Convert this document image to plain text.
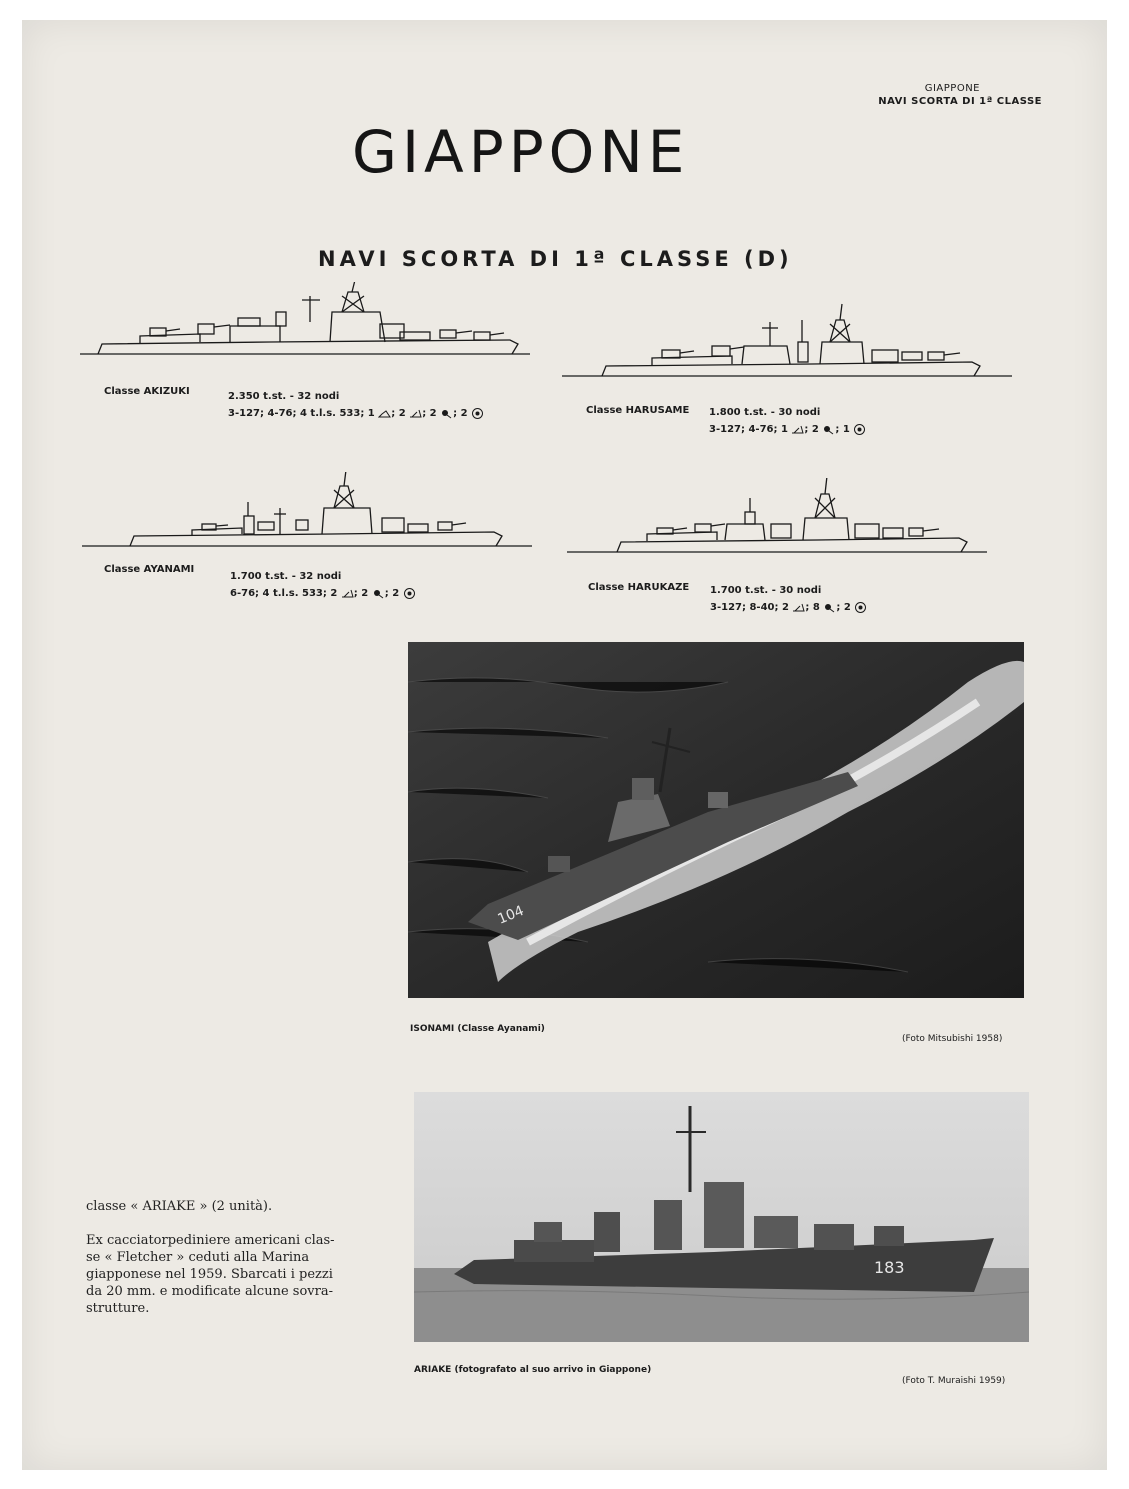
GIAPPONE
NAVI SCORTA DI 1ª CLASSE
GIAPPONE
NAVI SCORTA DI 1ª CLASSE (D)
Classe AKIZUKI	2.350 t.st. - 32 nodi
3-127; 4-76; 4 t.l.s. 533; 1 ; 2 ; 2 ; 2	Classe HARUSAME 1.800 t.st. - 30 nodi
3-127; 4-76; 1 ; 2 ; 1
Classe AYANAMI
1.700 t.st. - 32 nodi
6-76; 4 t.l.s. 533; 2 ; 2 ; 2
Classe HARUKAZE 1.700 t.st. - 30 nodi
3-127; 8-40; 2 ; 8 ; 2
104
ISONAMI (Classe Ayanami)
(Foto Mitsubishi 1958)
183
ARIAKE (fotografato al suo arrivo in Giappone)
(Foto T. Muraishi 1959)
classe « ARIAKE » (2 unità).
Ex cacciatorpediniere americani clas-
se « Fletcher » ceduti alla Marina
giapponese nel 1959. Sbarcati i pezzi
da 20 mm. e modificate alcune sovra-
strutture.
